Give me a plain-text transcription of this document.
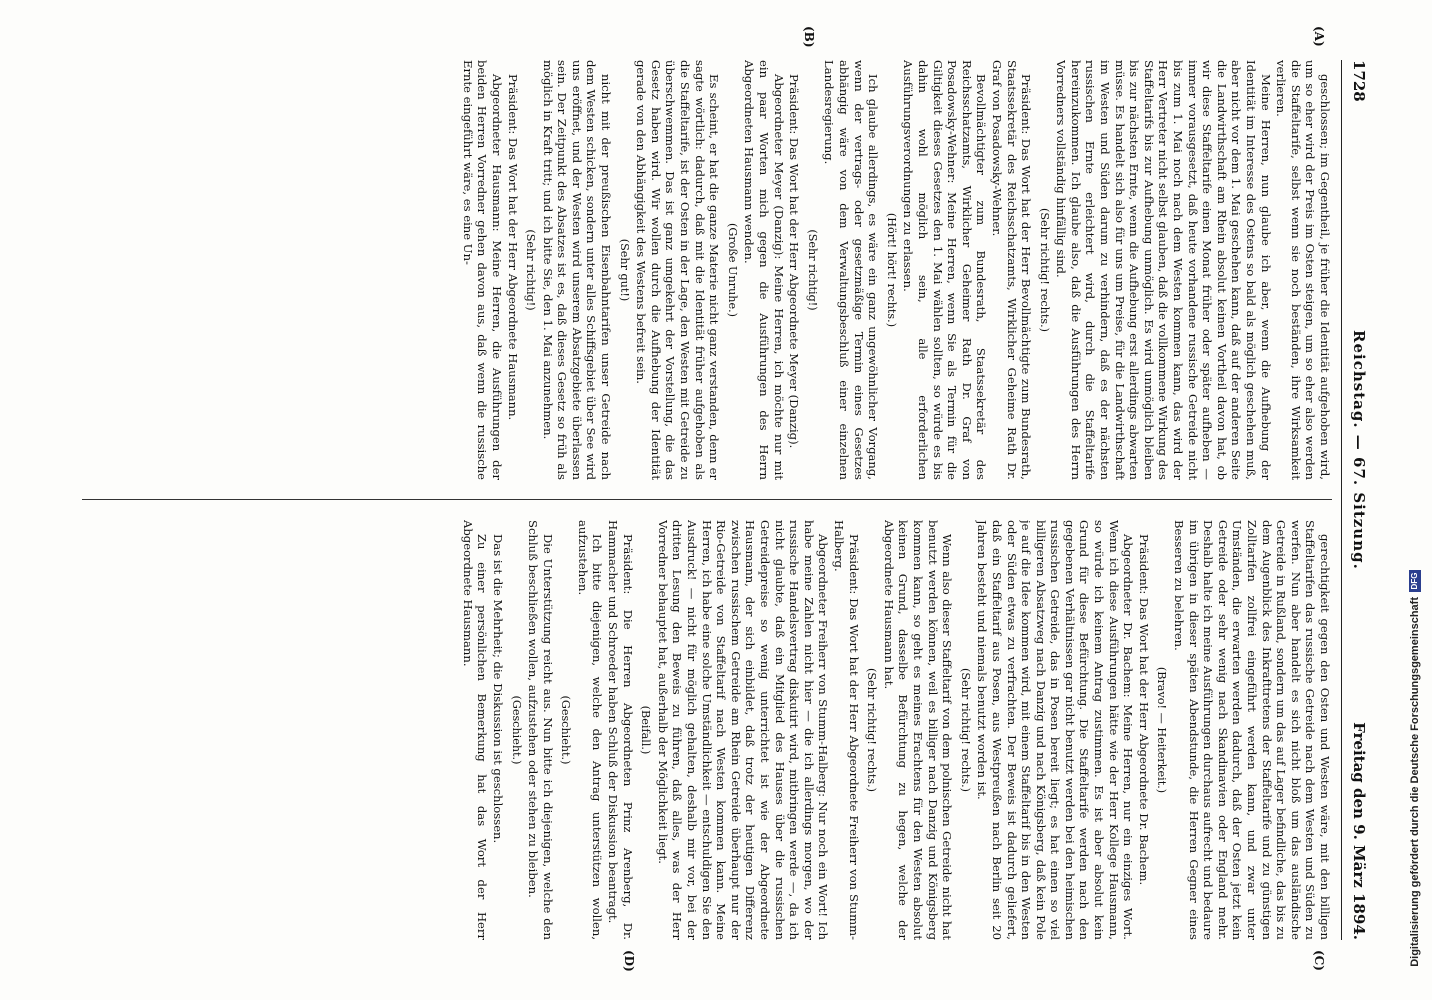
1728
Reichstag. — 67. Sitzung.
Freitag den 9. März 1894.
(A)
(B)
(C)
(D)

geschlossen; im Gegentheil, je früher die Identität aufgehoben wird, um so eher wird der Preis im Osten steigen, um so eher also werden die Staffeltarife, selbst wenn sie noch beständen, ihre Wirksamkeit verlieren.

Meine Herren, nun glaube ich aber, wenn die Aufhebung der Identität im Interesse des Ostens so bald als möglich geschehen muß, aber nicht vor dem 1. Mai geschehen kann, daß auf der anderen Seite die Landwirthschaft am Rhein absolut keinen Vortheil davon hat, ob wir diese Staffeltarife einen Monat früher oder später aufheben — immer vorausgesetzt, daß heute vorhandene russische Getreide nicht bis zum 1. Mai noch nach dem Westen kommen kann, das wird der Herr Vertreter nicht selbst glauben, daß die vollkommene Wirkung des Staffeltarifs bis zur Aufhebung unmöglich. Es wird unmöglich bleiben bis zur nächsten Ernte, wenn die Aufhebung erst allerdings abwarten müsse. Es handelt sich also für uns um Preise, für die Landwirthschaft im Westen und Süden darum zu verhindern, daß es der nächsten russischen Ernte erleichtert wird, durch die Staffeltarife hereinzukommen. Ich glaube also, daß die Ausführungen des Herrn Vorredners vollständig hinfällig sind.

(Sehr richtig! rechts.)

Präsident: Das Wort hat der Herr Bevollmächtigte zum Bundesrath, Staatssekretär des Reichsschatzamts, Wirklicher Geheime Rath Dr. Graf von Posadowsky-Wehner.

Bevollmächtigter zum Bundesrath, Staatssekretär des Reichsschatzamts, Wirklicher Geheimer Rath Dr. Graf von Posadowsky-Wehner: Meine Herren, wenn Sie als Termin für die Giltigkeit dieses Gesetzes den 1. Mai wählen sollten, so würde es bis dahin wohl möglich sein, alle erforderlichen Ausführungsverordnungen zu erlassen.

(Hört! hört! rechts.)

Ich glaube allerdings, es wäre ein ganz ungewöhnlicher Vorgang, wenn der vertrags- oder gesetzmäßige Termin eines Gesetzes abhängig wäre von dem Verwaltungsbeschluß einer einzelnen Landesregierung.

(Sehr richtig!)

Präsident: Das Wort hat der Herr Abgeordnete Meyer (Danzig).

Abgeordneter Meyer (Danzig): Meine Herren, ich möchte nur mit ein paar Worten mich gegen die Ausführungen des Herrn Abgeordneten Hausmann wenden.

(Große Unruhe.)

Es scheint, er hat die ganze Materie nicht ganz verstanden, denn er sagte wörtlich: dadurch, daß mit die Identität früher aufgehoben als die Staffeltarife, ist der Osten in der Lage, den Westen mit Getreide zu überschwemmen. Das ist ganz umgekehrt der Vorstellung, die das Gesetz haben wird. Wir wollen durch die Aufhebung der Identität gerade von den Abhängigkeit des Westens befreit sein.

(Sehr gut!)

nicht mit der preußischen Eisenbahntarifen unser Getreide nach dem Westen schicken, sondern unter alles Schiffsgebiet über See wird uns eröffnet, und der Westen wird unserem Absatzgebiete überlassen sein. Der Zeitpunkt des Absatzes ist es, daß dieses Gesetz so früh als möglich in Kraft tritt; und ich bitte Sie, den 1. Mai anzunehmen.

(Sehr richtig!)

Präsident: Das Wort hat der Herr Abgeordnete Hausmann.

Abgeordneter Hausmann: Meine Herren, die Ausführungen der beiden Herren Vorredner gehen davon aus, daß wenn die russische Ernte eingeführt wäre, es eine Un-

gerechtigkeit gegen den Osten und Westen wäre, mit den billigen Staffeltarifen das russische Getreide nach dem Westen und Süden zu werfen. Nun aber handelt es sich nicht bloß um das ausländische Getreide in Rußland, sondern um das auf Lager befindliche, das bis zu dem Augenblick des Inkrafttretens der Staffeltarife und zu günstigen Zolltarifen zollfrei eingeführt werden kann, und zwar unter Umständen, die erwarten werden dadurch, daß der Osten jetzt kein Getreide oder sehr wenig nach Skandinavien oder England mehr. Deshalb halte ich meine Ausführungen durchaus aufrecht und bedaure im übrigen in dieser späten Abendstunde, die Herren Gegner eines Besseren zu belehren.

(Bravo! — Heiterkeit.)

Präsident: Das Wort hat der Herr Abgeordnete Dr. Bachem.

Abgeordneter Dr. Bachem: Meine Herren, nur ein einziges Wort. Wenn ich diese Ausführungen hätte wie der Herr Kollege Hausmann, so würde ich keinem Antrag zustimmen. Es ist aber absolut kein Grund für diese Befürchtung. Die Staffeltarife werden nach den gegebenen Verhältnissen gar nicht benutzt werden bei den heimischen russischen Getreide, das in Posen bereit liegt; es hat einen so viel billigeren Absatzweg nach Danzig und nach Königsberg, daß kein Pole je auf die Idee kommen wird, mit einem Staffeltarif bis in den Westen oder Süden etwas zu verfrachten. Der Beweis ist dadurch geliefert, daß ein Staffeltarif aus Posen, aus Westpreußen nach Berlin seit 20 Jahren besteht und niemals benutzt worden ist.

(Sehr richtig! rechts.)

Wenn also dieser Staffeltarif von dem polnischen Getreide nicht hat benutzt werden können, weil es billiger nach Danzig und Königsberg kommen kann, so geht es meines Erachtens für den Westen absolut keinen Grund, dasselbe Befürchtung zu hegen, welche der Abgeordnete Hausmann hat.

(Sehr richtig! rechts.)

Präsident: Das Wort hat der Herr Abgeordnete Freiherr von Stumm-Halberg.

Abgeordneter Freiherr von Stumm-Halberg: Nur noch ein Wort! Ich habe meine Zahlen nicht hier — die ich allerdings morgen, wo der russische Handelsvertrag diskutirt wird, mitbringen werde —, da ich nicht glaubte, daß ein Mitglied des Hauses über die russischen Getreidepreise so wenig unterrichtet ist wie der Abgeordnete Hausmann, der sich einbildet, daß trotz der heutigen Differenz zwischen russischem Getreide am Rhein Getreide überhaupt nur der Rio-Getreide von Staffeltarif nach Westen kommen kann. Meine Herren, ich habe eine solche Umständlichkeit — entschuldigen Sie den Ausdruck! — nicht für möglich gehalten, deshalb mir vor, bei der dritten Lesung den Beweis zu führen, daß alles, was der Herr Vorredner behauptet hat, außerhalb der Möglichkeit liegt.

(Beifall.)

Präsident: Die Herren Abgeordneten Prinz Arenberg, Dr. Hammacher und Schroeder haben Schluß der Diskussion beantragt.

Ich bitte diejenigen, welche den Antrag unterstützen wollen, aufzustehen.

(Geschieht.)

Die Unterstützung reicht aus. Nun bitte ich diejenigen, welche den Schluß beschließen wollen, aufzustehen oder stehen zu bleiben.

(Geschieht.)

Das ist die Mehrheit; die Diskussion ist geschlossen.

Zu einer persönlichen Bemerkung hat das Wort der Herr Abgeordnete Hausmann.

Digitalisierung gefördert durch die Deutsche Forschungsgemeinschaft
DFG
